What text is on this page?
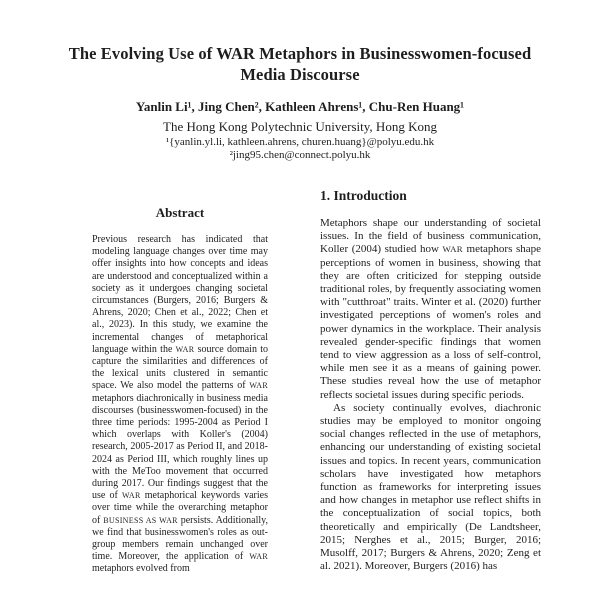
The Evolving Use of WAR Metaphors in Businesswomen-focused Media Discourse
Yanlin Li¹, Jing Chen², Kathleen Ahrens¹, Chu-Ren Huang¹
The Hong Kong Polytechnic University, Hong Kong
¹{yanlin.yl.li, kathleen.ahrens, churen.huang}@polyu.edu.hk
²jing95.chen@connect.polyu.hk
Abstract

Previous research has indicated that modeling language changes over time may offer insights into how concepts and ideas are understood and conceptualized within a society as it undergoes changing societal circumstances (Burgers, 2016; Burgers & Ahrens, 2020; Chen et al., 2022; Chen et al., 2023). In this study, we examine the incremental changes of metaphorical language within the WAR source domain to capture the similarities and differences of the lexical units clustered in semantic space. We also model the patterns of WAR metaphors diachronically in business media discourses (businesswomen-focused) in the three time periods: 1995-2004 as Period I which overlaps with Koller's (2004) research, 2005-2017 as Period II, and 2018-2024 as Period III, which roughly lines up with the MeToo movement that occurred during 2017. Our findings suggest that the use of WAR metaphorical keywords varies over time while the overarching metaphor of BUSINESS AS WAR persists. Additionally, we find that businesswomen's roles as out-group members remain unchanged over time. Moreover, the application of WAR metaphors evolved from

1. Introduction

Metaphors shape our understanding of societal issues. In the field of business communication, Koller (2004) studied how WAR metaphors shape perceptions of women in business, showing that they are often criticized for stepping outside traditional roles, by frequently associating women with "cutthroat" traits. Winter et al. (2020) further investigated perceptions of women's roles and power dynamics in the workplace. Their analysis revealed gender-specific findings that women tend to view aggression as a loss of self-control, while men see it as a means of gaining power. These studies reveal how the use of metaphor reflects societal issues during specific periods.

As society continually evolves, diachronic studies may be employed to monitor ongoing social changes reflected in the use of metaphors, enhancing our understanding of existing societal issues and topics. In recent years, communication scholars have investigated how metaphors function as frameworks for interpreting issues and how changes in metaphor use reflect shifts in the conceptualization of social topics, both theoretically and empirically (De Landtsheer, 2015; Nerghes et al., 2015; Burger, 2016; Musolff, 2017; Burgers & Ahrens, 2020; Zeng et al. 2021). Moreover, Burgers (2016) has
